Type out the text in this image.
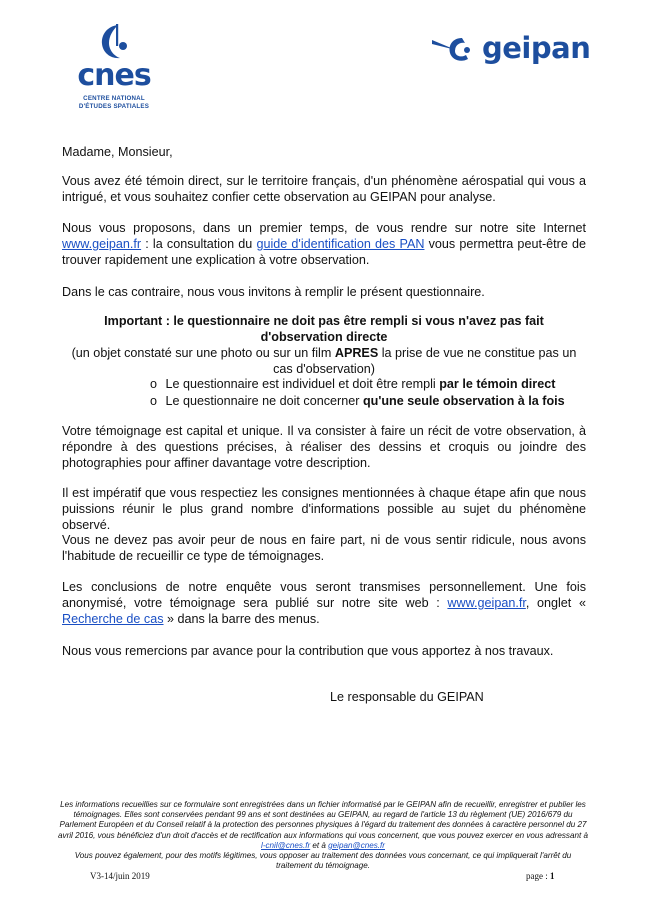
cnes
CENTRE NATIONAL
D'ÉTUDES SPATIALES
geipan

Madame, Monsieur,

Vous avez été témoin direct, sur le territoire français, d'un phénomène aérospatial qui vous a intrigué, et vous souhaitez confier cette observation au GEIPAN pour analyse.

Nous vous proposons, dans un premier temps, de vous rendre sur notre site Internet www.geipan.fr : la consultation du guide d'identification des PAN vous permettra peut-être de trouver rapidement une explication à votre observation.

Dans le cas contraire, nous vous invitons à remplir le présent questionnaire.

Important : le questionnaire ne doit pas être rempli si vous n'avez pas fait d'observation directe
(un objet constaté sur une photo ou sur un film APRES la prise de vue ne constitue pas un cas d'observation)

o Le questionnaire est individuel et doit être rempli par le témoin direct
o Le questionnaire ne doit concerner qu'une seule observation à la fois

Votre témoignage est capital et unique. Il va consister à faire un récit de votre observation, à répondre à des questions précises, à réaliser des dessins et croquis ou joindre des photographies pour affiner davantage votre description.

Il est impératif que vous respectiez les consignes mentionnées à chaque étape afin que nous puissions réunir le plus grand nombre d'informations possible au sujet du phénomène observé.

Vous ne devez pas avoir peur de nous en faire part, ni de vous sentir ridicule, nous avons l'habitude de recueillir ce type de témoignages.

Les conclusions de notre enquête vous seront transmises personnellement. Une fois anonymisé, votre témoignage sera publié sur notre site web : www.geipan.fr, onglet « Recherche de cas » dans la barre des menus.

Nous vous remercions par avance pour la contribution que vous apportez à nos travaux.

Le responsable du GEIPAN
Les informations recueillies sur ce formulaire sont enregistrées dans un fichier informatisé par le GEIPAN afin de recueillir, enregistrer et publier les témoignages. Elles sont conservées pendant 99 ans et sont destinées au GEIPAN, au regard de l'article 13 du règlement (UE) 2016/679 du Parlement Européen et du Conseil relatif à la protection des personnes physiques à l'égard du traitement des données à caractère personnel du 27 avril 2016, vous bénéficiez d'un droit d'accès et de rectification aux informations qui vous concernent, que vous pouvez exercer en vous adressant à l-cnil@cnes.fr et à geipan@cnes.fr
Vous pouvez également, pour des motifs légitimes, vous opposer au traitement des données vous concernant, ce qui impliquerait l'arrêt du traitement du témoignage.
V3-14/juin 2019	page : 1
